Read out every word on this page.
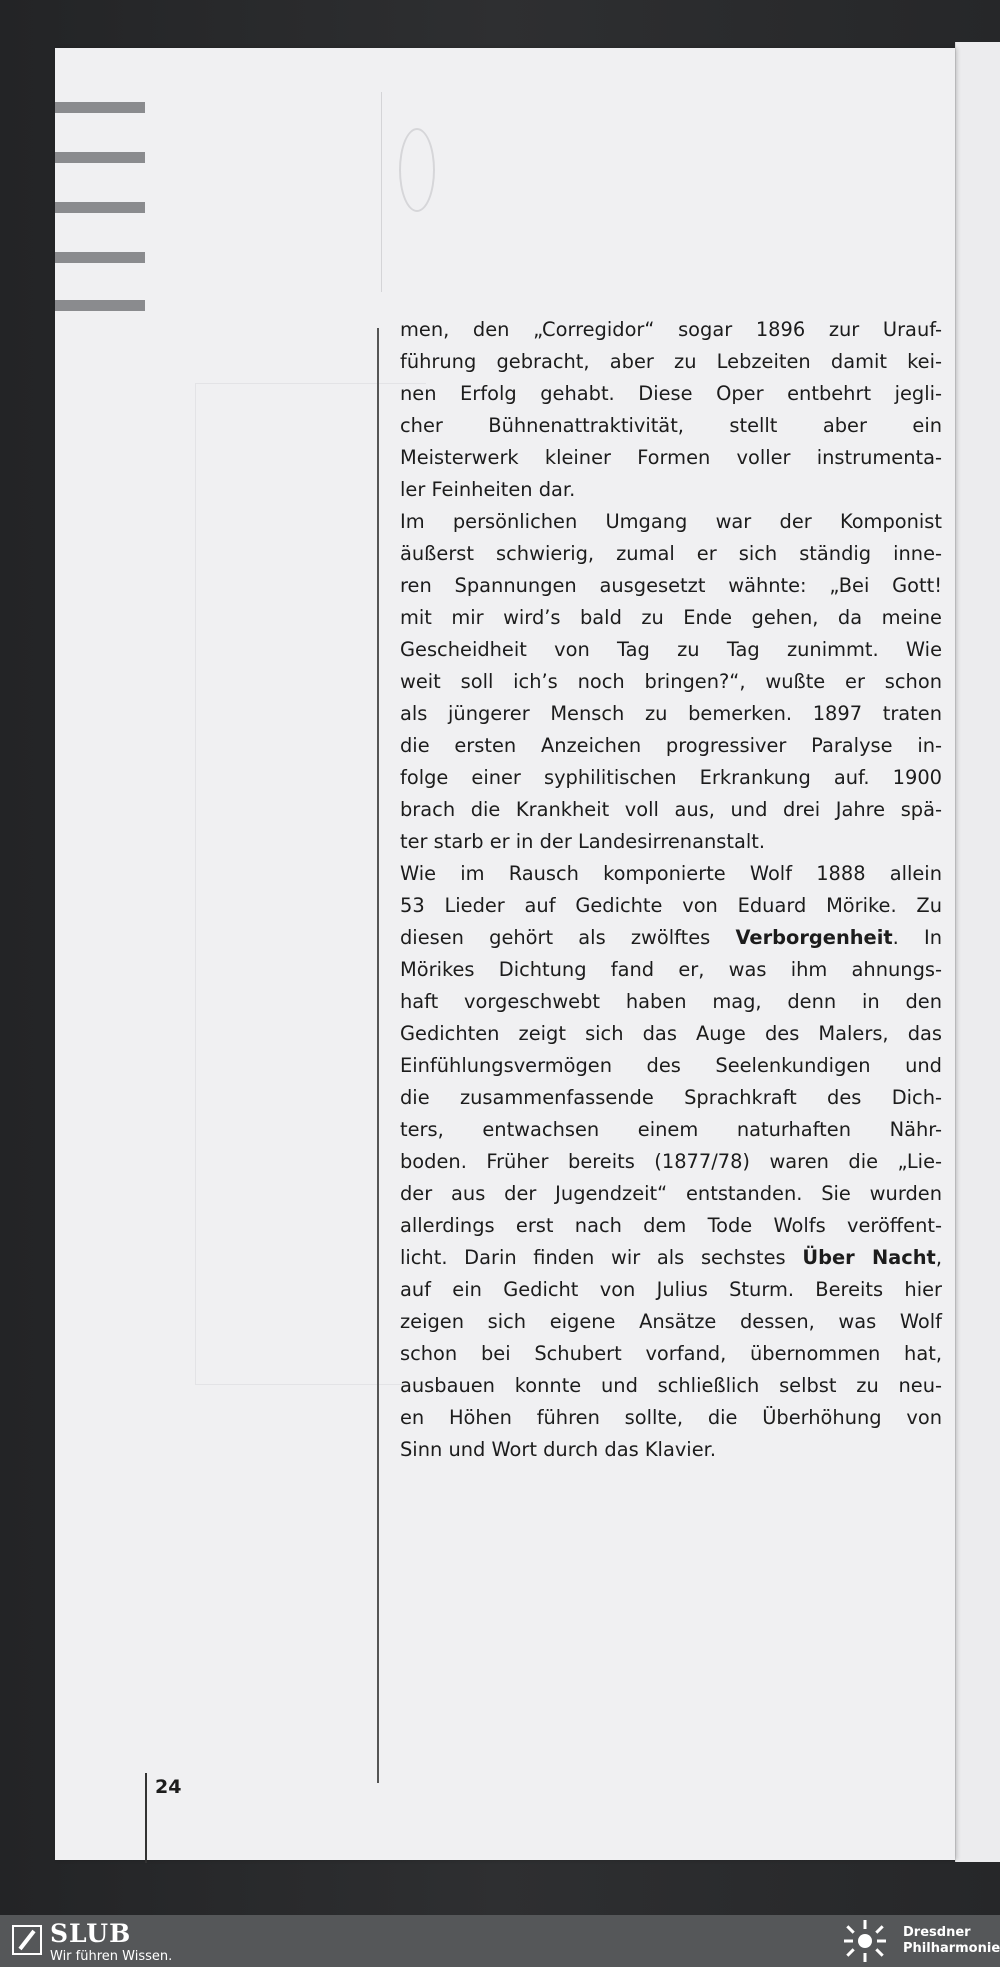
men, den „Corregidor“ sogar 1896 zur Urauf-
führung gebracht, aber zu Lebzeiten damit kei-
nen Erfolg gehabt. Diese Oper entbehrt jegli-
cher Bühnenattraktivität, stellt aber ein
Meisterwerk kleiner Formen voller instrumenta-
ler Feinheiten dar.
Im persönlichen Umgang war der Komponist
äußerst schwierig, zumal er sich ständig inne-
ren Spannungen ausgesetzt wähnte: „Bei Gott!
mit mir wird’s bald zu Ende gehen, da meine
Gescheidheit von Tag zu Tag zunimmt. Wie
weit soll ich’s noch bringen?“, wußte er schon
als jüngerer Mensch zu bemerken. 1897 traten
die ersten Anzeichen progressiver Paralyse in-
folge einer syphilitischen Erkrankung auf. 1900
brach die Krankheit voll aus, und drei Jahre spä-
ter starb er in der Landesirrenanstalt.
Wie im Rausch komponierte Wolf 1888 allein
53 Lieder auf Gedichte von Eduard Mörike. Zu
diesen gehört als zwölftes Verborgenheit. In
Mörikes Dichtung fand er, was ihm ahnungs-
haft vorgeschwebt haben mag, denn in den
Gedichten zeigt sich das Auge des Malers, das
Einfühlungsvermögen des Seelenkundigen und
die zusammenfassende Sprachkraft des Dich-
ters, entwachsen einem naturhaften Nähr-
boden. Früher bereits (1877/78) waren die „Lie-
der aus der Jugendzeit“ entstanden. Sie wurden
allerdings erst nach dem Tode Wolfs veröffent-
licht. Darin finden wir als sechstes Über Nacht,
auf ein Gedicht von Julius Sturm. Bereits hier
zeigen sich eigene Ansätze dessen, was Wolf
schon bei Schubert vorfand, übernommen hat,
ausbauen konnte und schließlich selbst zu neu-
en Höhen führen sollte, die Überhöhung von
Sinn und Wort durch das Klavier.
24
SLUB
Wir führen Wissen.
Dresdner
Philharmonie
